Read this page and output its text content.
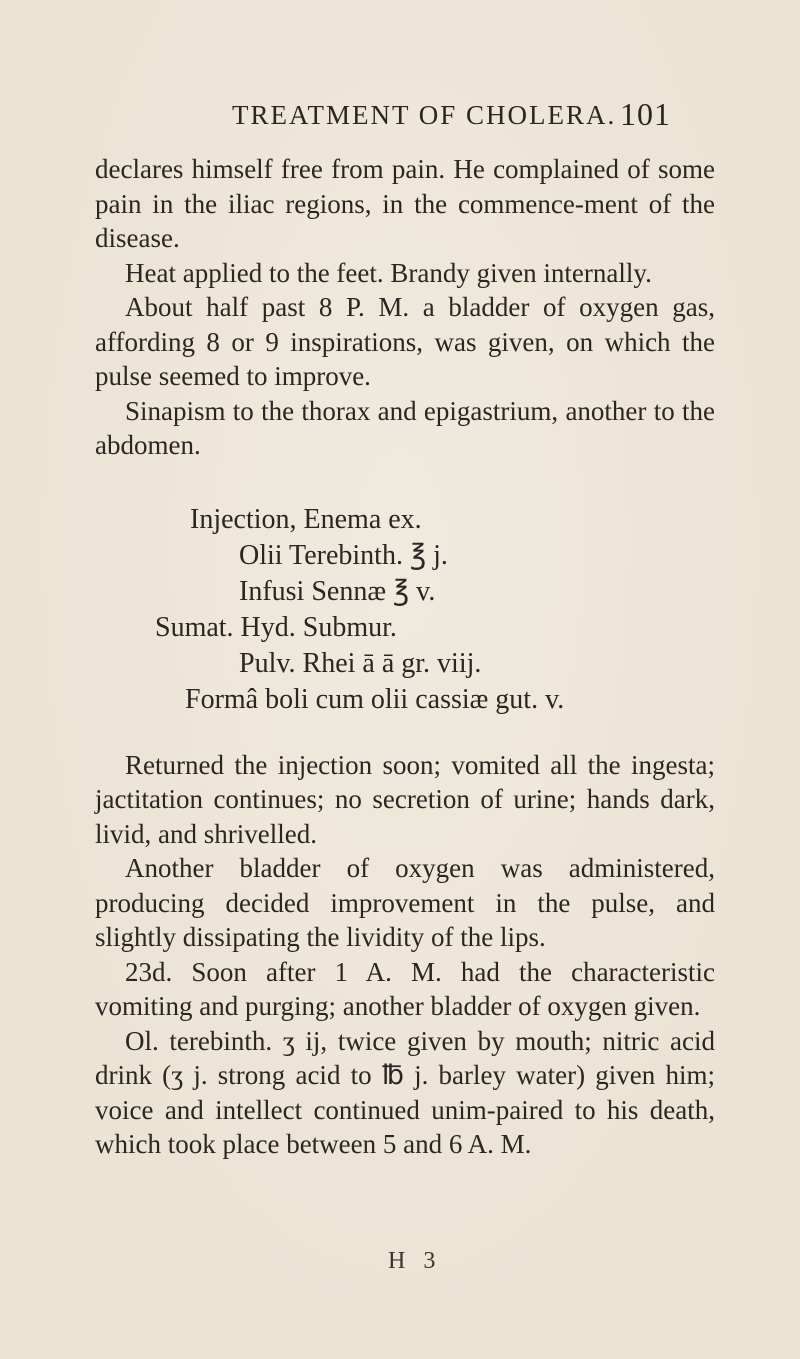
TREATMENT OF CHOLERA. 101

declares himself free from pain. He complained of some pain in the iliac regions, in the commence-ment of the disease.

Heat applied to the feet. Brandy given internally.

About half past 8 P. M. a bladder of oxygen gas, affording 8 or 9 inspirations, was given, on which the pulse seemed to improve.

Sinapism to the thorax and epigastrium, another to the abdomen.

Injection, Enema ex.
Olii Terebinth. ℥ j.
Infusi Sennæ ℥ v.
Sumat. Hyd. Submur.
Pulv. Rhei ā ā gr. viij.
Formâ boli cum olii cassiæ gut. v.

Returned the injection soon; vomited all the ingesta; jactitation continues; no secretion of urine; hands dark, livid, and shrivelled.

Another bladder of oxygen was administered, producing decided improvement in the pulse, and slightly dissipating the lividity of the lips.

23d. Soon after 1 A. M. had the characteristic vomiting and purging; another bladder of oxygen given.

Ol. terebinth. ʒ ij, twice given by mouth; nitric acid drink (ʒ j. strong acid to ℔ j. barley water) given him; voice and intellect continued unim-paired to his death, which took place between 5 and 6 A. M.

H 3
